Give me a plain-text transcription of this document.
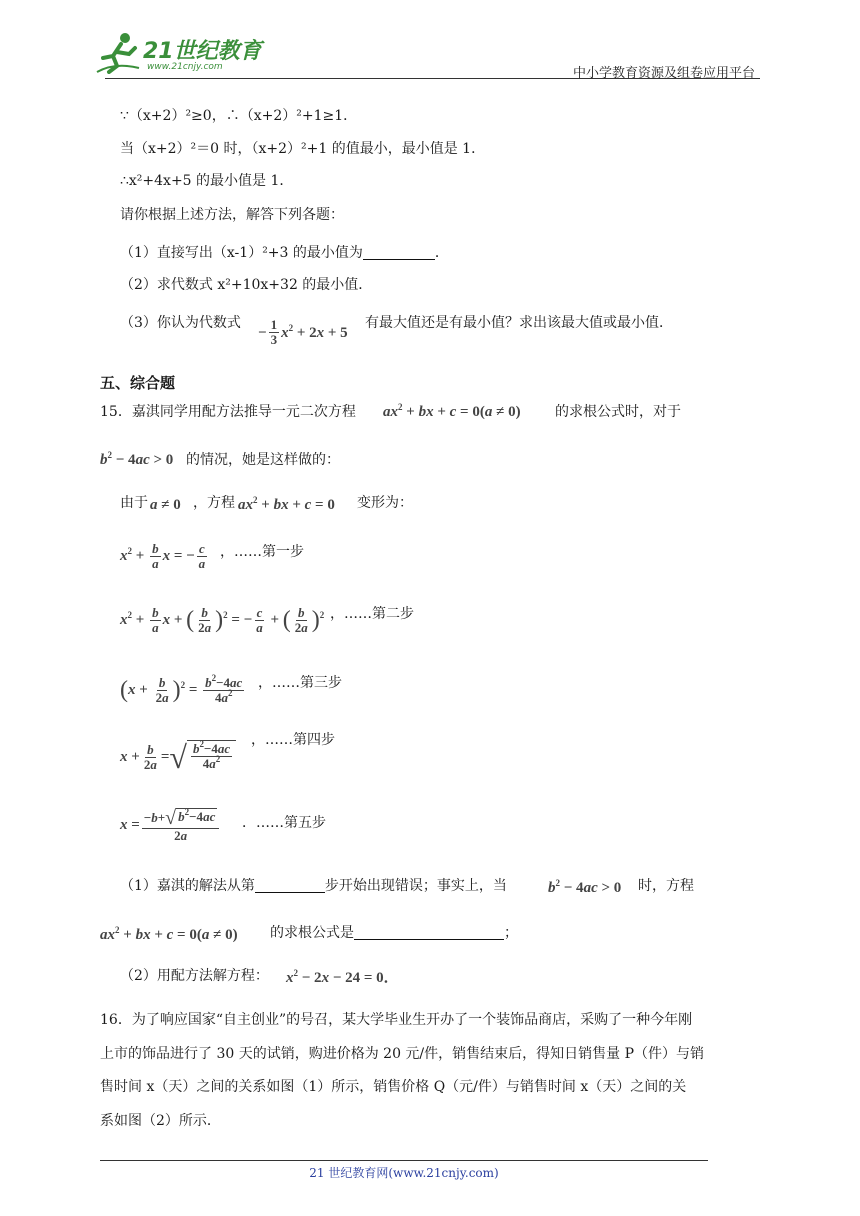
21世纪教育
www.21cnjy.com	中小学教育资源及组卷应用平台
∵（x+2）²≥0，∴（x+2）²+1≥1．
当（x+2）²＝0 时，（x+2）²+1 的值最小，最小值是 1．
∴x²+4x+5 的最小值是 1．
请你根据上述方法，解答下列各题：
（1）直接写出（x-1）²+3 的最小值为	．
（2）求代数式 x²+10x+32 的最小值．
（3）你认为代数式
− $\frac{1}{3} x^2 + 2x + 5$
有最大值还是有最小值？求出该最大值或最小值．
五、综合题
15．嘉淇同学用配方法推导一元二次方程 $ax^2$ + bx + c = 0(a ≠ 0) 的求根公式时，对于
$b^2 - 4ac > 0$ 的情况，她是这样做的：
由于 a ≠ 0 ，方程 $ax^2$ + bx + c = 0 变形为：
$x^2 + \frac{b}{a}$ x = − $\frac{c}{a}$ ，……第一步
$x^2 + \frac{b}{a}$ x + ( $\frac{b}{2a} )^2$ = − $\frac{c}{a}$ + ( $\frac{b}{2a} )^2$ ，……第二步
$(x + \frac{b}{2a} )^2 = \frac{b^2-4ac}{4a^2}$ ，……第三步
$x + \frac{b}{2a}$ = √ $\frac{b^2-4ac}{4a^2}$
，……第四步
$x = \frac{- b + √ b^2-4ac}{2a}$ ．……第五步
（1）嘉淇的解法从第	步开始出现错误；事实上，当	$b^2 - 4ac > 0$ 时，方程
$ax^2$ + bx + c = 0(a ≠ 0) 的求根公式是	；
（2）用配方法解方程： $x^2 - 2x - 24 = 0$．
16．为了响应国家“自主创业”的号召，某大学毕业生开办了一个装饰品商店，采购了一种今年刚
上市的饰品进行了 30 天的试销，购进价格为 20 元/件，销售结束后，得知日销售量 P（件）与销
售时间 x（天）之间的关系如图（1）所示，销售价格 Q（元/件）与销售时间 x（天）之间的关
系如图（2）所示．
21 世纪教育网(www.21cnjy.com)
